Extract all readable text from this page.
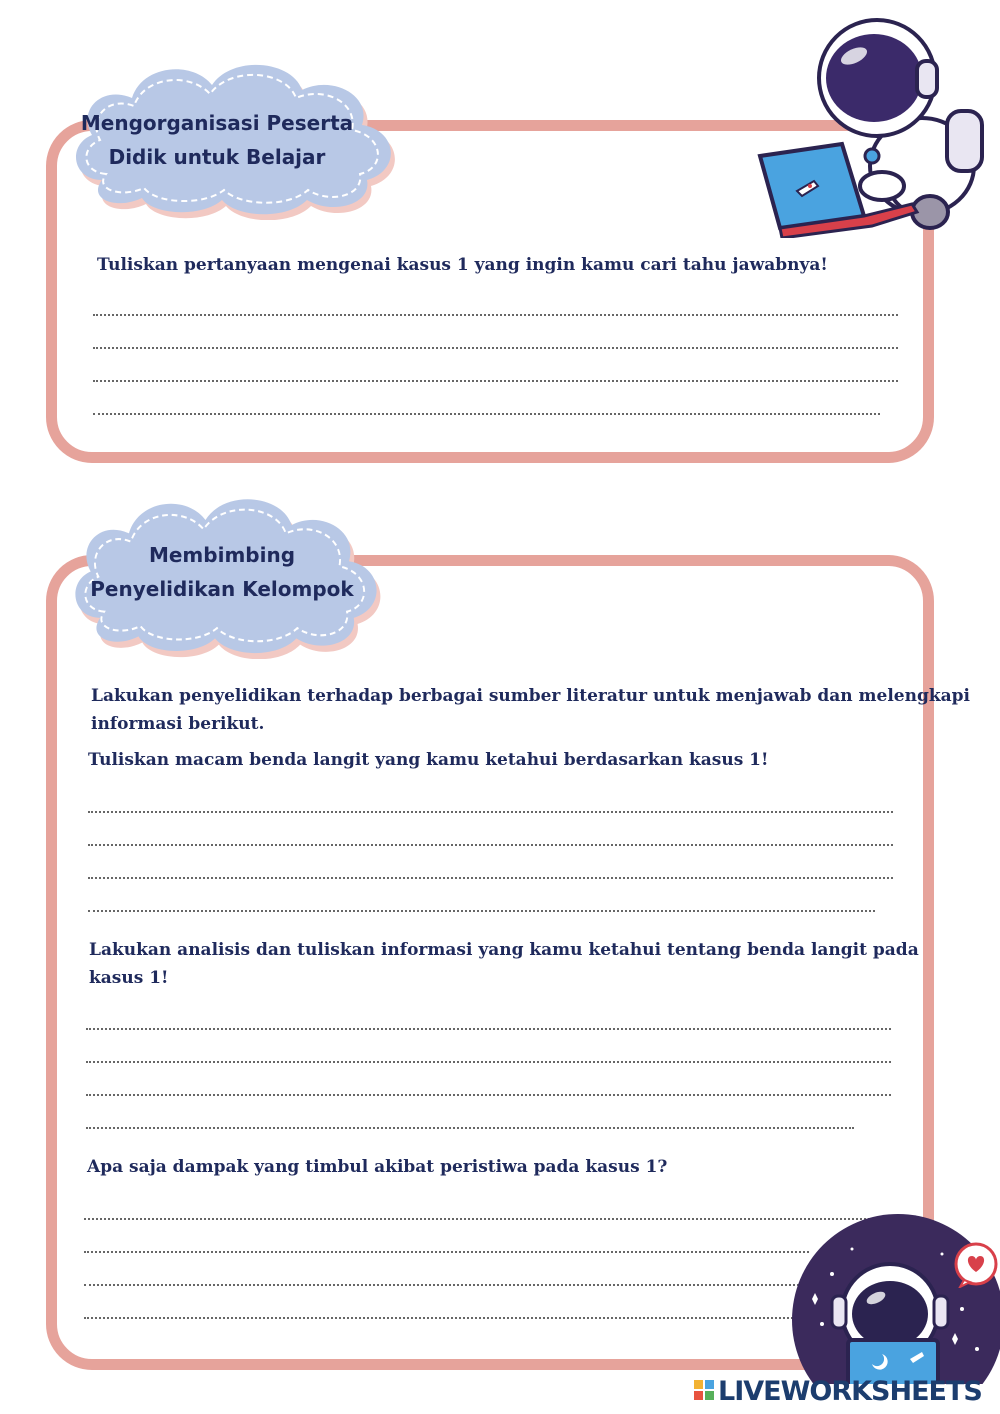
Mengorganisasi Peserta
Didik untuk Belajar
Tuliskan pertanyaan mengenai kasus 1 yang ingin kamu cari tahu jawabnya!
Membimbing
Penyelidikan Kelompok
Lakukan penyelidikan terhadap berbagai sumber literatur untuk menjawab dan melengkapi
informasi berikut.
Tuliskan macam benda langit yang kamu ketahui berdasarkan kasus 1!
Lakukan analisis dan tuliskan informasi yang kamu ketahui tentang benda langit pada
kasus 1!
Apa saja dampak yang timbul akibat peristiwa pada kasus 1?
LIVEWORKSHEETS
